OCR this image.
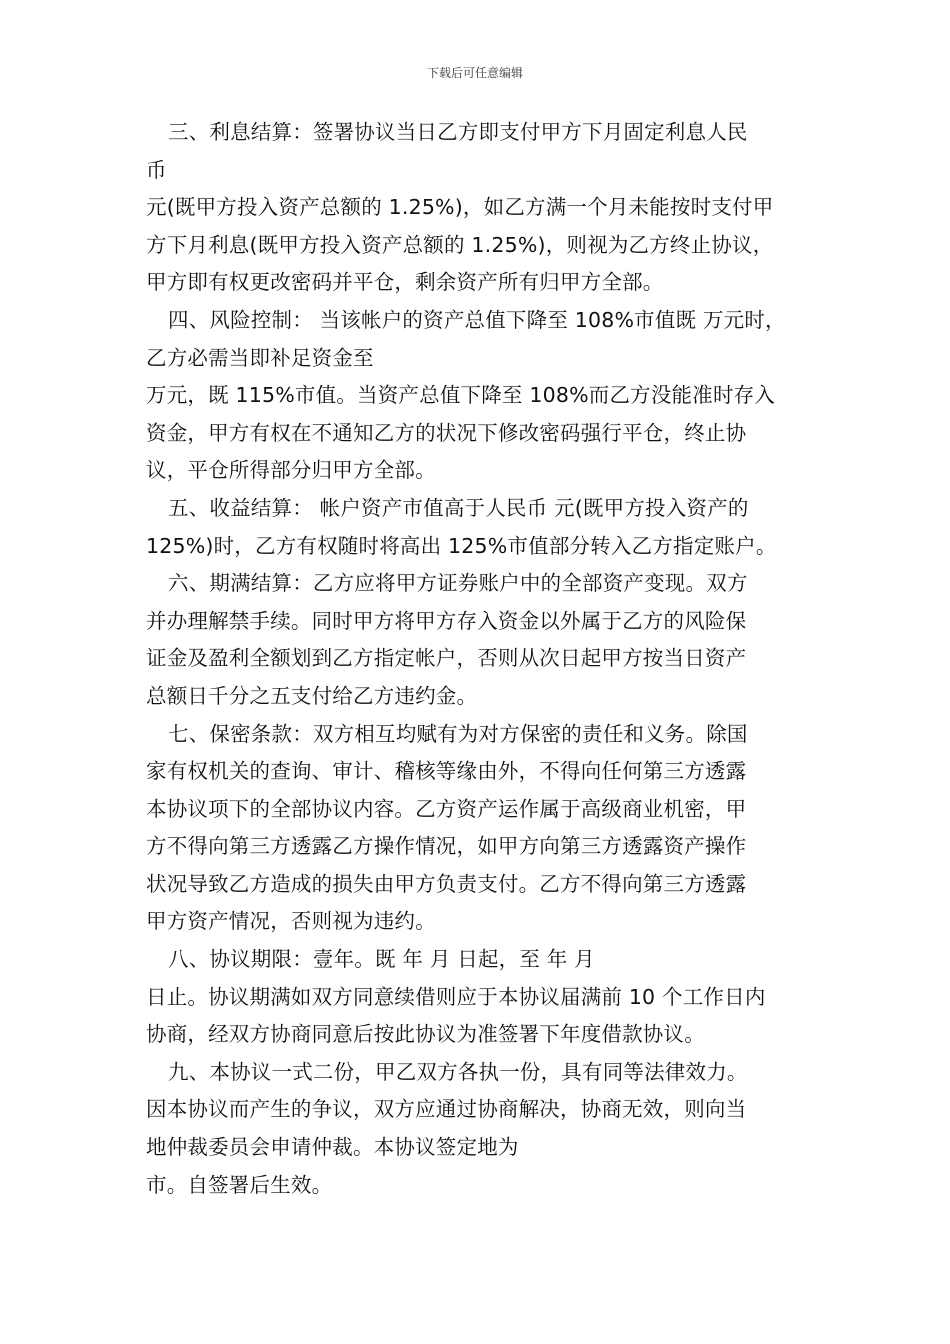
下载后可任意编辑
三、利息结算：签署协议当日乙方即支付甲方下月固定利息人民
币
元(既甲方投入资产总额的 1.25%)，如乙方满一个月未能按时支付甲
方下月利息(既甲方投入资产总额的 1.25%)，则视为乙方终止协议，
甲方即有权更改密码并平仓，剩余资产所有归甲方全部。
四、风险控制： 当该帐户的资产总值下降至 108%市值既 万元时，
乙方必需当即补足资金至
万元，既 115%市值。当资产总值下降至 108%而乙方没能准时存入
资金，甲方有权在不通知乙方的状况下修改密码强行平仓，终止协
议，平仓所得部分归甲方全部。
五、收益结算： 帐户资产市值高于人民币 元(既甲方投入资产的
125%)时，乙方有权随时将高出 125%市值部分转入乙方指定账户。
六、期满结算：乙方应将甲方证券账户中的全部资产变现。双方
并办理解禁手续。同时甲方将甲方存入资金以外属于乙方的风险保
证金及盈利全额划到乙方指定帐户，否则从次日起甲方按当日资产
总额日千分之五支付给乙方违约金。
七、保密条款：双方相互均赋有为对方保密的责任和义务。除国
家有权机关的查询、审计、稽核等缘由外，不得向任何第三方透露
本协议项下的全部协议内容。乙方资产运作属于高级商业机密，甲
方不得向第三方透露乙方操作情况，如甲方向第三方透露资产操作
状况导致乙方造成的损失由甲方负责支付。乙方不得向第三方透露
甲方资产情况，否则视为违约。
八、协议期限：壹年。既 年 月 日起，至 年 月
日止。协议期满如双方同意续借则应于本协议届满前 10 个工作日内
协商，经双方协商同意后按此协议为准签署下年度借款协议。
九、本协议一式二份，甲乙双方各执一份，具有同等法律效力。
因本协议而产生的争议，双方应通过协商解决，协商无效，则向当
地仲裁委员会申请仲裁。本协议签定地为
市。自签署后生效。
